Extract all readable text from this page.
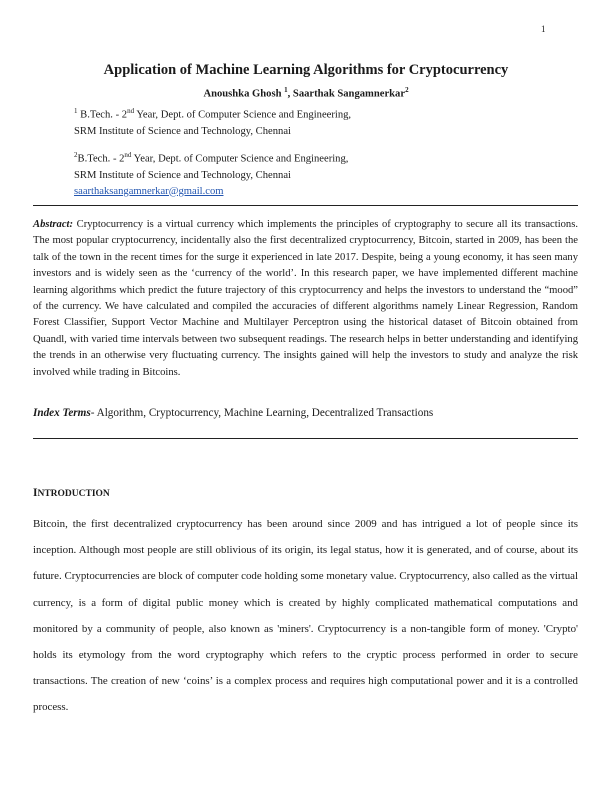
1
Application of Machine Learning Algorithms for Cryptocurrency
Anoushka Ghosh $^1$, Saarthak Sangamnerkar$^2$
$^1$ B.Tech. - 2nd Year, Dept. of Computer Science and Engineering,
SRM Institute of Science and Technology, Chennai
$^2$B.Tech. - 2nd Year, Dept. of Computer Science and Engineering,
SRM Institute of Science and Technology, Chennai
saarthaksangamnerkar@gmail.com

Abstract: Cryptocurrency is a virtual currency which implements the principles of cryptography to secure all its transactions. The most popular cryptocurrency, incidentally also the first decentralized cryptocurrency, Bitcoin, started in 2009, has been the talk of the town in the recent times for the surge it experienced in late 2017. Despite, being a young economy, it has seen many investors and is widely seen as the ‘currency of the world’. In this research paper, we have implemented different machine learning algorithms which predict the future trajectory of this cryptocurrency and helps the investors to understand the “mood” of the currency. We have calculated and compiled the accuracies of different algorithms namely Linear Regression, Random Forest Classifier, Support Vector Machine and Multilayer Perceptron using the historical dataset of Bitcoin obtained from Quandl, with varied time intervals between two subsequent readings. The research helps in better understanding and identifying the trends in an otherwise very fluctuating currency. The insights gained will help the investors to study and analyze the risk involved while trading in Bitcoins.

Index Terms- Algorithm, Cryptocurrency, Machine Learning, Decentralized Transactions

INTRODUCTION

Bitcoin, the first decentralized cryptocurrency has been around since 2009 and has intrigued a lot of people since its inception. Although most people are still oblivious of its origin, its legal status, how it is generated, and of course, about its future. Cryptocurrencies are block of computer code holding some monetary value. Cryptocurrency, also called as the virtual currency, is a form of digital public money which is created by highly complicated mathematical computations and monitored by a community of people, also known as 'miners'. Cryptocurrency is a non-tangible form of money. 'Crypto' holds its etymology from the word cryptography which refers to the cryptic process performed in order to secure transactions. The creation of new ‘coins’ is a complex process and requires high computational power and it is a controlled process.
